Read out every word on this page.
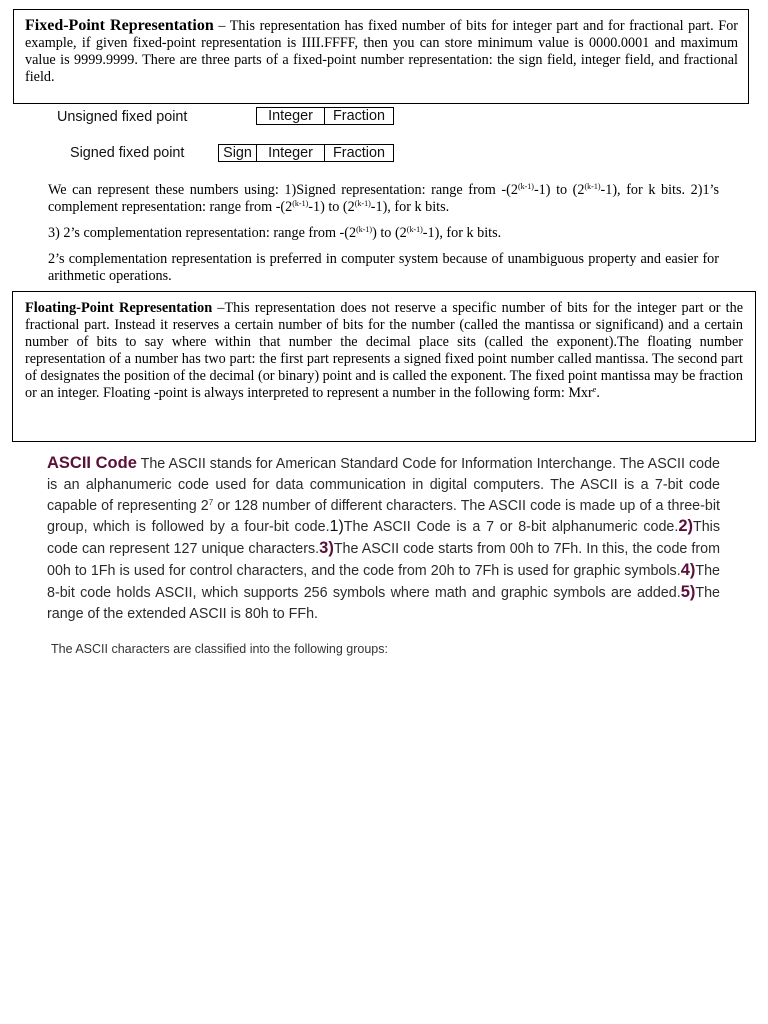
Fixed-Point Representation – This representation has fixed number of bits for integer part and for fractional part. For example, if given fixed-point representation is IIII.FFFF, then you can store minimum value is 0000.0001 and maximum value is 9999.9999. There are three parts of a fixed-point number representation: the sign field, integer field, and fractional field.
Unsigned fixed point	Integer	Fraction
Signed fixed point	Sign	Integer	Fraction
We can represent these numbers using: 1)Signed representation: range from -(2$^{(k-1)}$-1) to (2$^{(k-1)}$-1), for k bits. 2)1’s complement representation: range from -(2$^{(k-1)}$-1) to (2$^{(k-1)}$-1), for k bits.
3) 2’s complementation representation: range from -(2$^{(k-1)}$) to (2$^{(k-1)}$-1), for k bits.
2’s complementation representation is preferred in computer system because of unambiguous property and easier for arithmetic operations.
Floating-Point Representation –This representation does not reserve a specific number of bits for the integer part or the fractional part. Instead it reserves a certain number of bits for the number (called the mantissa or significand) and a certain number of bits to say where within that number the decimal place sits (called the exponent).The floating number representation of a number has two part: the first part represents a signed fixed point number called mantissa. The second part of designates the position of the decimal (or binary) point and is called the exponent. The fixed point mantissa may be fraction or an integer. Floating -point is always interpreted to represent a number in the following form: Mxr$^e$.
ASCII Code The ASCII stands for American Standard Code for Information Interchange. The ASCII code is an alphanumeric code used for data communication in digital computers. The ASCII is a 7-bit code capable of representing $2^7$ or 128 number of different characters. The ASCII code is made up of a three-bit group, which is followed by a four-bit code.1)The ASCII Code is a 7 or 8-bit alphanumeric code.2)This code can represent 127 unique characters.3)The ASCII code starts from 00h to 7Fh. In this, the code from 00h to 1Fh is used for control characters, and the code from 20h to 7Fh is used for graphic symbols.4)The 8-bit code holds ASCII, which supports 256 symbols where math and graphic symbols are added.5)The range of the extended ASCII is 80h to FFh.
The ASCII characters are classified into the following groups:
